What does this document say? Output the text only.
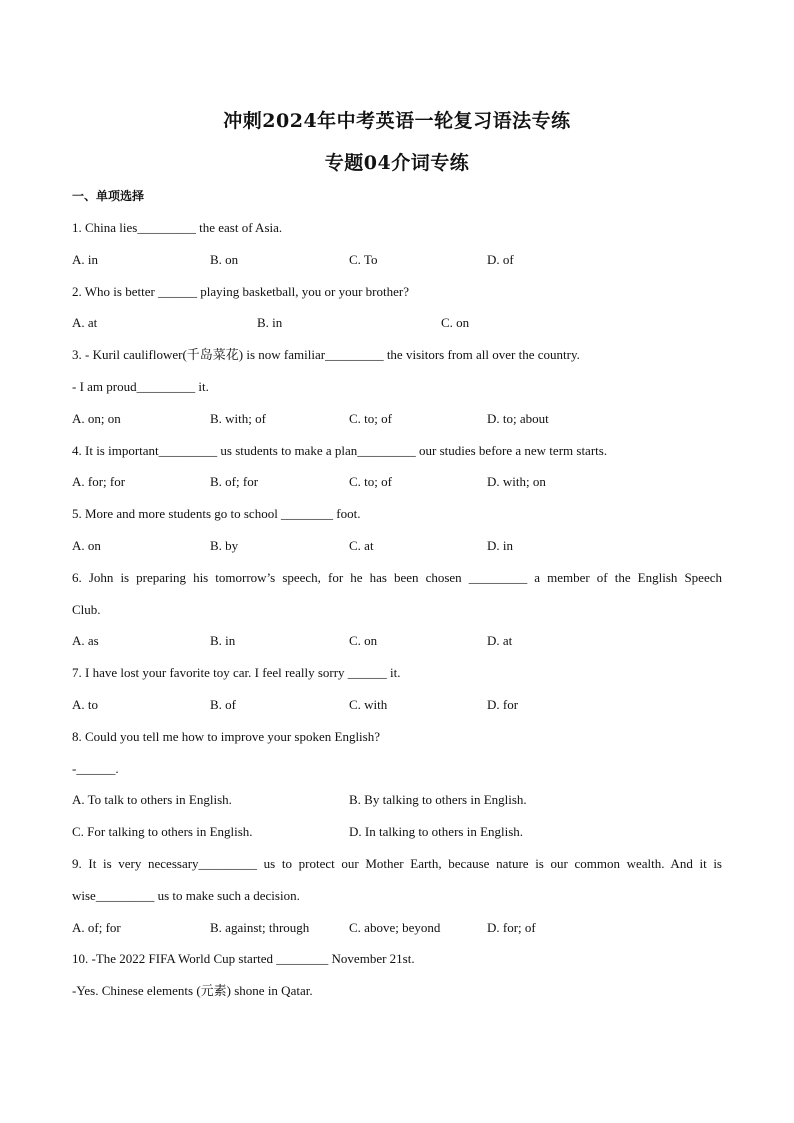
冲刺2024年中考英语一轮复习语法专练
专题04介词专练
一、单项选择
1. China lies_________ the east of Asia.
A. in	B. on	C. To	D. of
2. Who is better ______ playing basketball, you or your brother?
A. at	B. in	C. on
3. - Kuril cauliflower(千岛菜花) is now familiar_________ the visitors from all over the country.
- I am proud_________ it.
A. on; on	B. with; of	C. to; of	D. to; about
4. It is important_________ us students to make a plan_________ our studies before a new term starts.
A. for; for	B. of; for	C. to; of	D. with; on
5. More and more students go to school ________ foot.
A. on	B. by	C. at	D. in
6. John is preparing his tomorrow’s speech, for he has been chosen _________ a member of the English Speech
Club.
A. as	B. in	C. on	D. at
7. I have lost your favorite toy car. I feel really sorry ______ it.
A. to	B. of	C. with	D. for
8. Could you tell me how to improve your spoken English?
-______.
A. To talk to others in English.	B. By talking to others in English.
C. For talking to others in English.	D. In talking to others in English.
9. It is very necessary_________ us to protect our Mother Earth, because nature is our common wealth. And it is
wise_________ us to make such a decision.
A. of; for	B. against; through	C. above; beyond	D. for; of
10. -The 2022 FIFA World Cup started ________ November 21st.
-Yes. Chinese elements (元素) shone in Qatar.
